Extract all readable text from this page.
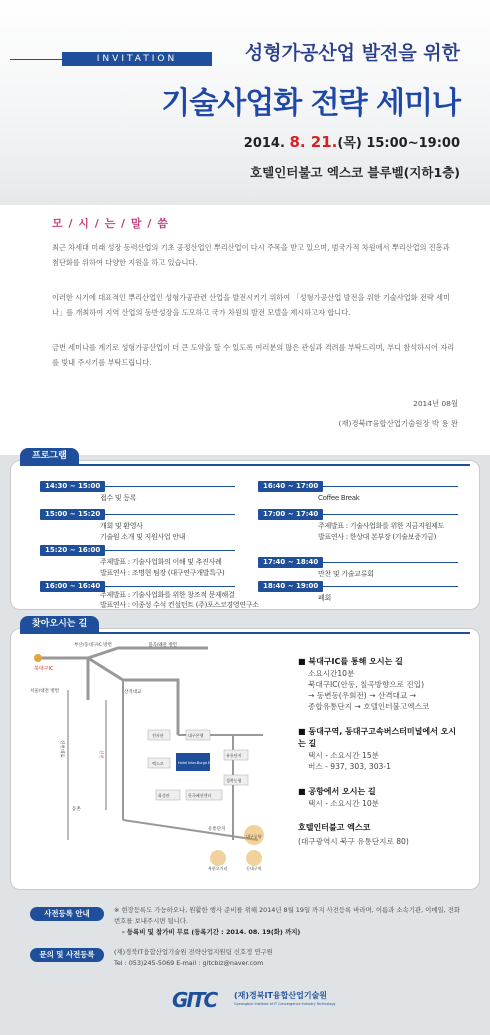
INVITATION	성형가공산업 발전을 위한
기술사업화 전략 세미나
2014. 8. 21.(목) 15:00~19:00
호텔인터불고 엑스코 블루벨(지하1층)
모 / 시 / 는 / 말 / 씀
최근 차세대 미래 성장 동력산업의 기초 공정산업인 뿌리산업이 다시 주목을 받고 있으며, 범국가적 차원에서 뿌리산업의 진흥과 첨단화를 위하여 다양한 지원을 하고 있습니다.
이러한 시기에 대표적인 뿌리산업인 성형가공관련 산업을 발전시키기 위하여 「성형가공산업 발전을 위한 기술사업화 전략 세미나」를 개최하여 지역 산업의 동반성장을 도모하고 국가 차원의 발전 모델을 제시하고자 합니다.
금번 세미나를 계기로 성형가공산업이 더 큰 도약을 할 수 있도록 여러분의 많은 관심과 격려를 부탁드리며, 부디 참석하시어 자리를 빛내 주시기를 부탁드립니다.
2014년 08월
(재)경북IT융합산업기술원장 박 용 완
프로그램
14:30 ~ 15:00
접수 및 등록
15:00 ~ 15:20
개회 및 환영사
기술원 소개 및 지원사업 안내
15:20 ~ 16:00
주제발표 : 기술사업화의 이해 및 추진사례
발표연사 : 조명현 팀장 (대구연구개발특구)
16:00 ~ 16:40
주제발표 : 기술사업화를 위한 창조적 문제해결
발표연사 : 이종성 수석 컨설턴트 (주)포스코경영연구소
16:40 ~ 17:00
Coffee Break
17:00 ~ 17:40
주제발표 : 기술사업화를 위한 지금지원제도
발표연사 : 한상대 본부장 (기술보증기금)
17:40 ~ 18:40
만찬 및 기술교류회
18:40 ~ 19:00
폐회
찾아오시는 길
북대구IC
부산/동대구IC 방면	칠곡/왜관 방면
서울/대전 방면	산격대교
전자관	대구은행
유통단지
엑스코
경북농협
화성관	한국패션센터
Hotel Inter-Burgo EXCO
동촌
유통단지
대구공항
복현오거리	동대구역
신천대로	신천
■ 북대구IC를 통해 오시는 길
소요시간10분
북대구IC(안동, 칠곡방향으로 진입)
→ 동변동(우회전) → 산격대교 →
종합유통단지 → 호텔인터불고엑스코
■ 동대구역, 동대구고속버스터미널에서 오시는 길
택시 - 소요시간 15분
버스 - 937, 303, 303-1
■ 공항에서 오시는 길
택시 - 소요시간 10분
호텔인터불고 엑스코
(대구광역시 북구 유통단지로 80)
사전등록 안내	※ 현장등록도 가능하오나, 원활한 행사 준비를 위해 2014년 8월 19일 까지 사전등록 바라며, 이름과 소속기관, 이메일, 전화번호를 보내주시면 됩니다.
- 등록비 및 참가비 무료 (등록기간 : 2014. 08. 19(화) 까지)
문의 및 사전등록	(재)경북IT융합산업기술원 전략산업지원팀 신호정 연구원
Tel : 053)245-5069 E-mail : gitcbiz@naver.com
GITC (재)경북IT융합산업기술원
Gyeongbuk Institute of IT Convergence Industry Technology
